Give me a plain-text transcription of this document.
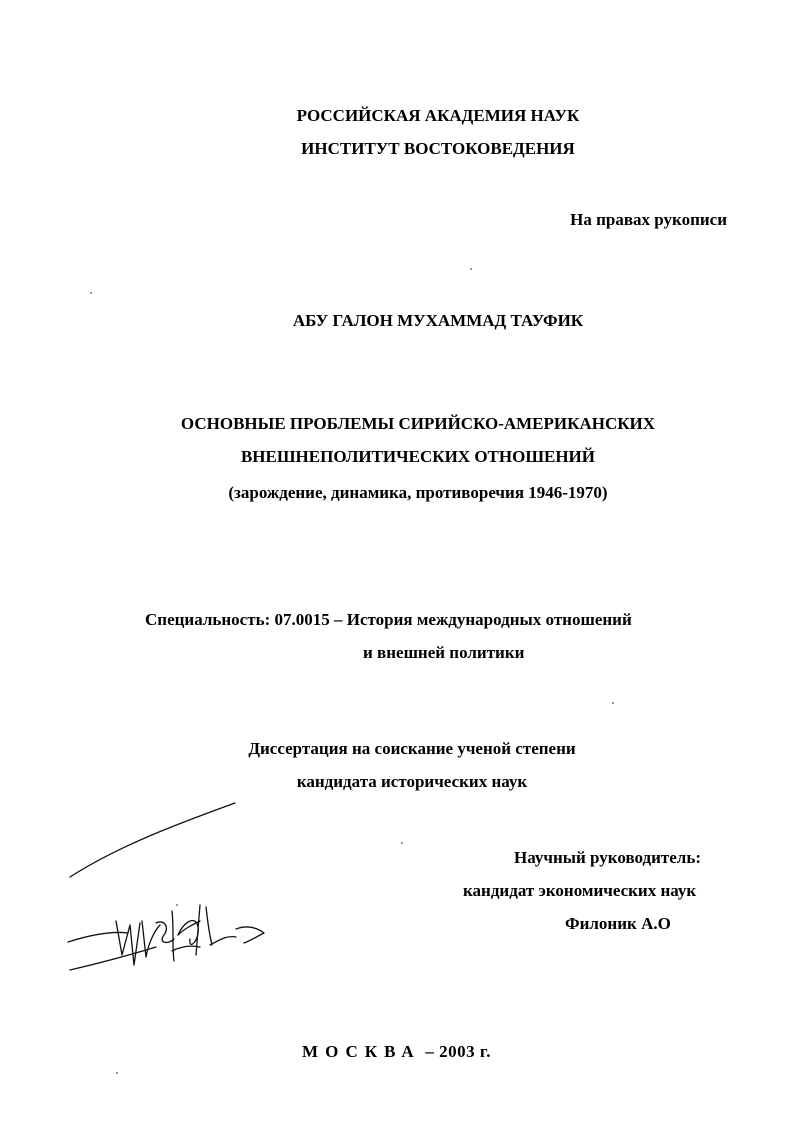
РОССИЙСКАЯ АКАДЕМИЯ НАУК
ИНСТИТУТ ВОСТОКОВЕДЕНИЯ
На правах рукописи
АБУ ГАЛОН МУХАММАД ТАУФИК
ОСНОВНЫЕ ПРОБЛЕМЫ СИРИЙСКО-АМЕРИКАНСКИХ
ВНЕШНЕПОЛИТИЧЕСКИХ ОТНОШЕНИЙ
(зарождение, динамика, противоречия 1946-1970)
Специальность: 07.0015 – История международных отношений
и внешней политики
Диссертация на соискание ученой степени
кандидата исторических наук
Научный руководитель:
кандидат экономических наук
Филоник А.О
МОСКВА – 2003 г.
